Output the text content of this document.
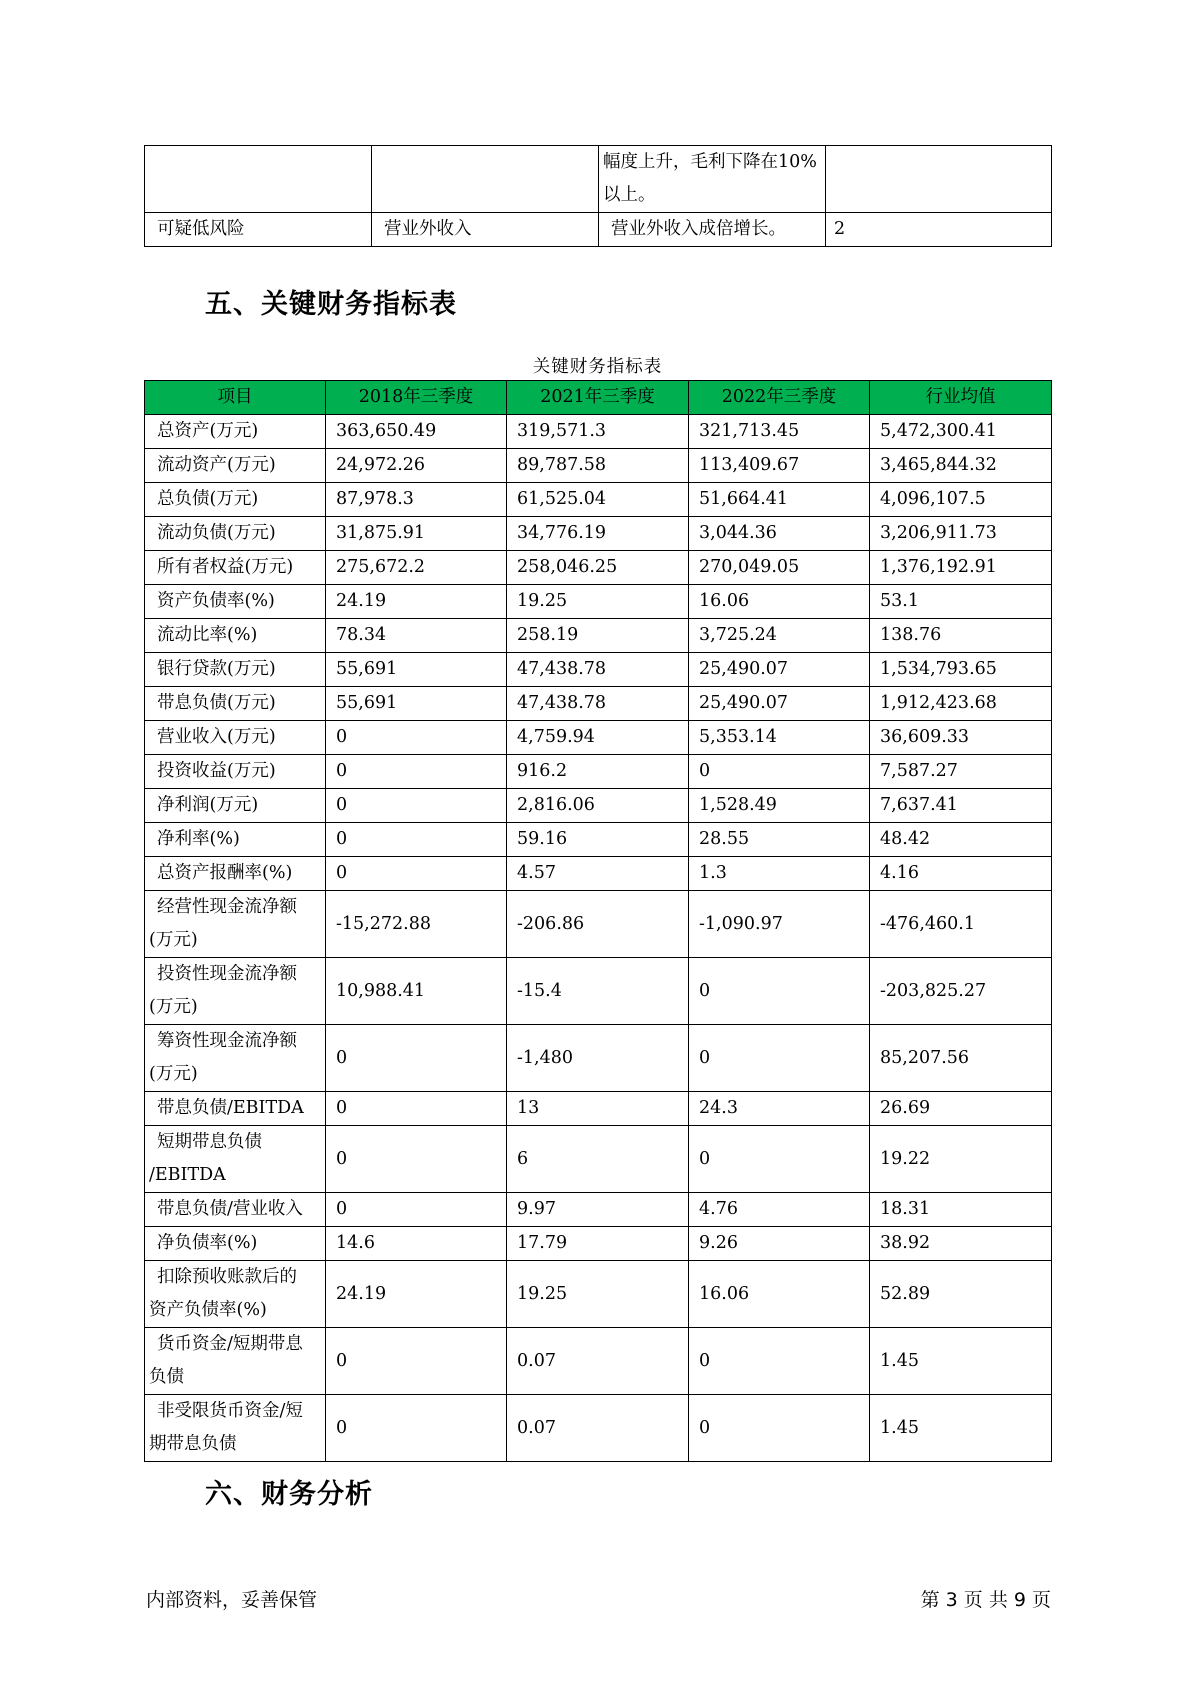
		幅度上升，毛利下降在10%
以上。	

可疑低风险	营业外收入	营业外收入成倍增长。	2
五、关键财务指标表
关键财务指标表
项目	2018年三季度	2021年三季度	2022年三季度	行业均值
总资产(万元)	363,650.49	319,571.3	321,713.45	5,472,300.41
流动资产(万元)	24,972.26	89,787.58	113,409.67	3,465,844.32
总负债(万元)	87,978.3	61,525.04	51,664.41	4,096,107.5
流动负债(万元)	31,875.91	34,776.19	3,044.36	3,206,911.73
所有者权益(万元)	275,672.2	258,046.25	270,049.05	1,376,192.91
资产负债率(%)	24.19	19.25	16.06	53.1
流动比率(%)	78.34	258.19	3,725.24	138.76
银行贷款(万元)	55,691	47,438.78	25,490.07	1,534,793.65
带息负债(万元)	55,691	47,438.78	25,490.07	1,912,423.68
营业收入(万元)	0	4,759.94	5,353.14	36,609.33
投资收益(万元)	0	916.2	0	7,587.27
净利润(万元)	0	2,816.06	1,528.49	7,637.41
净利率(%)	0	59.16	28.55	48.42
总资产报酬率(%)	0	4.57	1.3	4.16

经营性现金流净额
(万元)	-15,272.88	-206.86	-1,090.97	-476,460.1

投资性现金流净额
(万元)	10,988.41	-15.4	0	-203,825.27

筹资性现金流净额
(万元)	0	-1,480	0	85,207.56
带息负债/EBITDA	0	13	24.3	26.69

短期带息负债
/EBITDA	0	6	0	19.22
带息负债/营业收入	0	9.97	4.76	18.31
净负债率(%)	14.6	17.79	9.26	38.92

扣除预收账款后的
资产负债率(%)	24.19	19.25	16.06	52.89

货币资金/短期带息
负债	0	0.07	0	1.45

非受限货币资金/短
期带息负债	0	0.07	0	1.45
六、财务分析
内部资料，妥善保管	第 3 页 共 9 页
